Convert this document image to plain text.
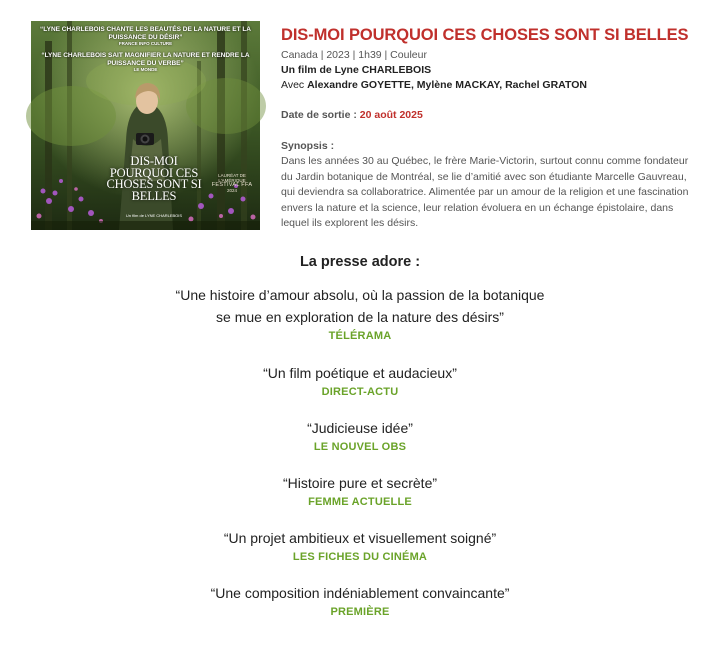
“LYNE CHARLEBOIS CHANTE LES BEAUTÉS DE LA NATURE ET LA PUISSANCE DU DÉSIR”
FRANCE INFO CULTURE
“LYNE CHARLEBOIS SAIT MAGNIFIER LA NATURE ET RENDRE LA PUISSANCE DU VERBE”
LE MONDE
DIS-MOI POURQUOI CES CHOSES SONT SI BELLES
Un film de LYNE CHARLEBOIS
LAURÉAT DE L'AMÉRIQUE
FESTIVAL FFA
2024
INSPIRÉ D'UNE HISTOIRE VRAIE
Aurora GOYETTE	Étoile MACKAY
DIS-MOI POURQUOI CES CHOSES SONT SI BELLES
Canada | 2023 | 1h39 | Couleur
Un film de Lyne CHARLEBOIS
Avec Alexandre GOYETTE, Mylène MACKAY, Rachel GRATON
Date de sortie : 20 août 2025
Synopsis :
Dans les années 30 au Québec, le frère Marie-Victorin, surtout connu comme fondateur du Jardin botanique de Montréal, se lie d’amitié avec son étudiante Marcelle Gauvreau, qui deviendra sa collaboratrice. Alimentée par un amour de la religion et une fascination envers la nature et la science, leur relation évoluera en un échange épistolaire, dans lequel ils explorent les désirs.
La presse adore :
“Une histoire d’amour absolu, où la passion de la botanique
se mue en exploration de la nature des désirs”
TÉLÉRAMA
“Un film poétique et audacieux”
DIRECT-ACTU
“Judicieuse idée”
LE NOUVEL OBS
“Histoire pure et secrète”
FEMME ACTUELLE
“Un projet ambitieux et visuellement soigné”
LES FICHES DU CINÉMA
“Une composition indéniablement convaincante”
PREMIÈRE
